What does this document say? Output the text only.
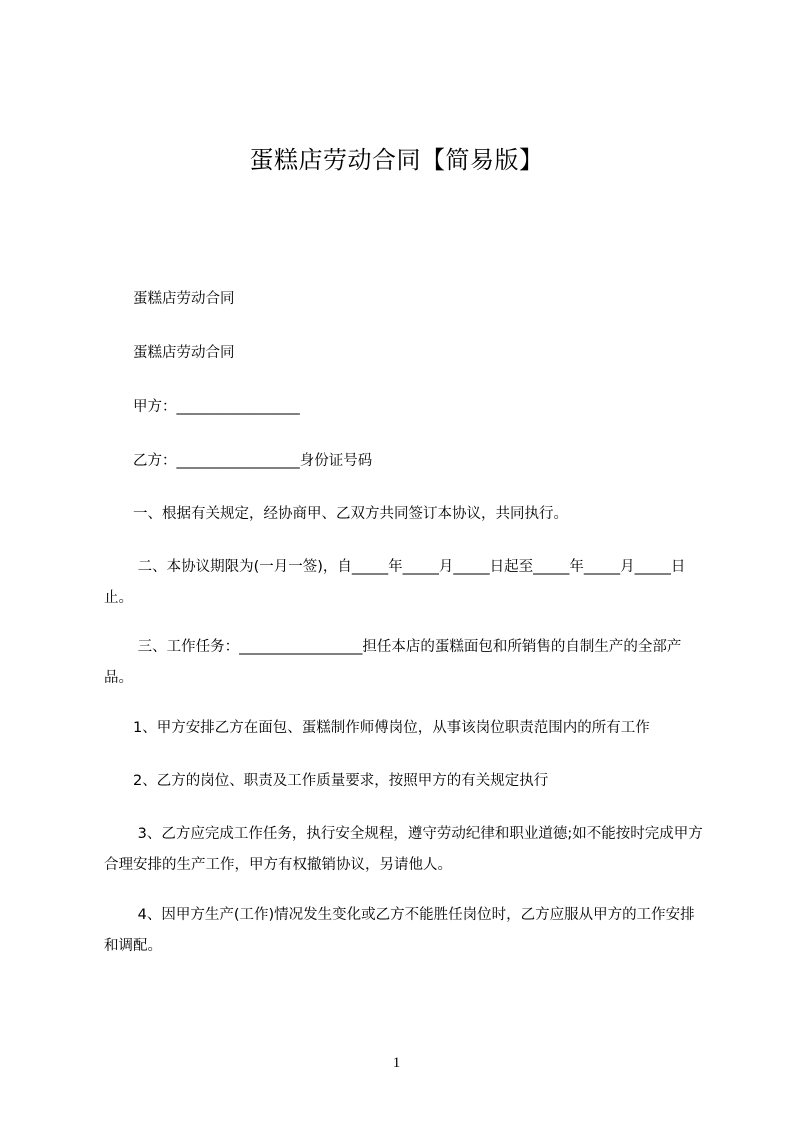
蛋糕店劳动合同【简易版】

　　蛋糕店劳动合同

　　蛋糕店劳动合同

　　甲方：_________________

　　乙方：_________________身份证号码

　　一、根据有关规定，经协商甲、乙双方共同签订本协议，共同执行。

　　 二、本协议期限为(一月一签)，自_____年_____月_____日起至_____年_____月_____日止。

　　 三、工作任务：_________________担任本店的蛋糕面包和所销售的自制生产的全部产品。

　　1、甲方安排乙方在面包、蛋糕制作师傅岗位，从事该岗位职责范围内的所有工作

　　2、乙方的岗位、职责及工作质量要求，按照甲方的有关规定执行

　　 3、乙方应完成工作任务，执行安全规程，遵守劳动纪律和职业道德;如不能按时完成甲方合理安排的生产工作，甲方有权撤销协议，另请他人。

　　 4、因甲方生产(工作)情况发生变化或乙方不能胜任岗位时，乙方应服从甲方的工作安排和调配。

1
